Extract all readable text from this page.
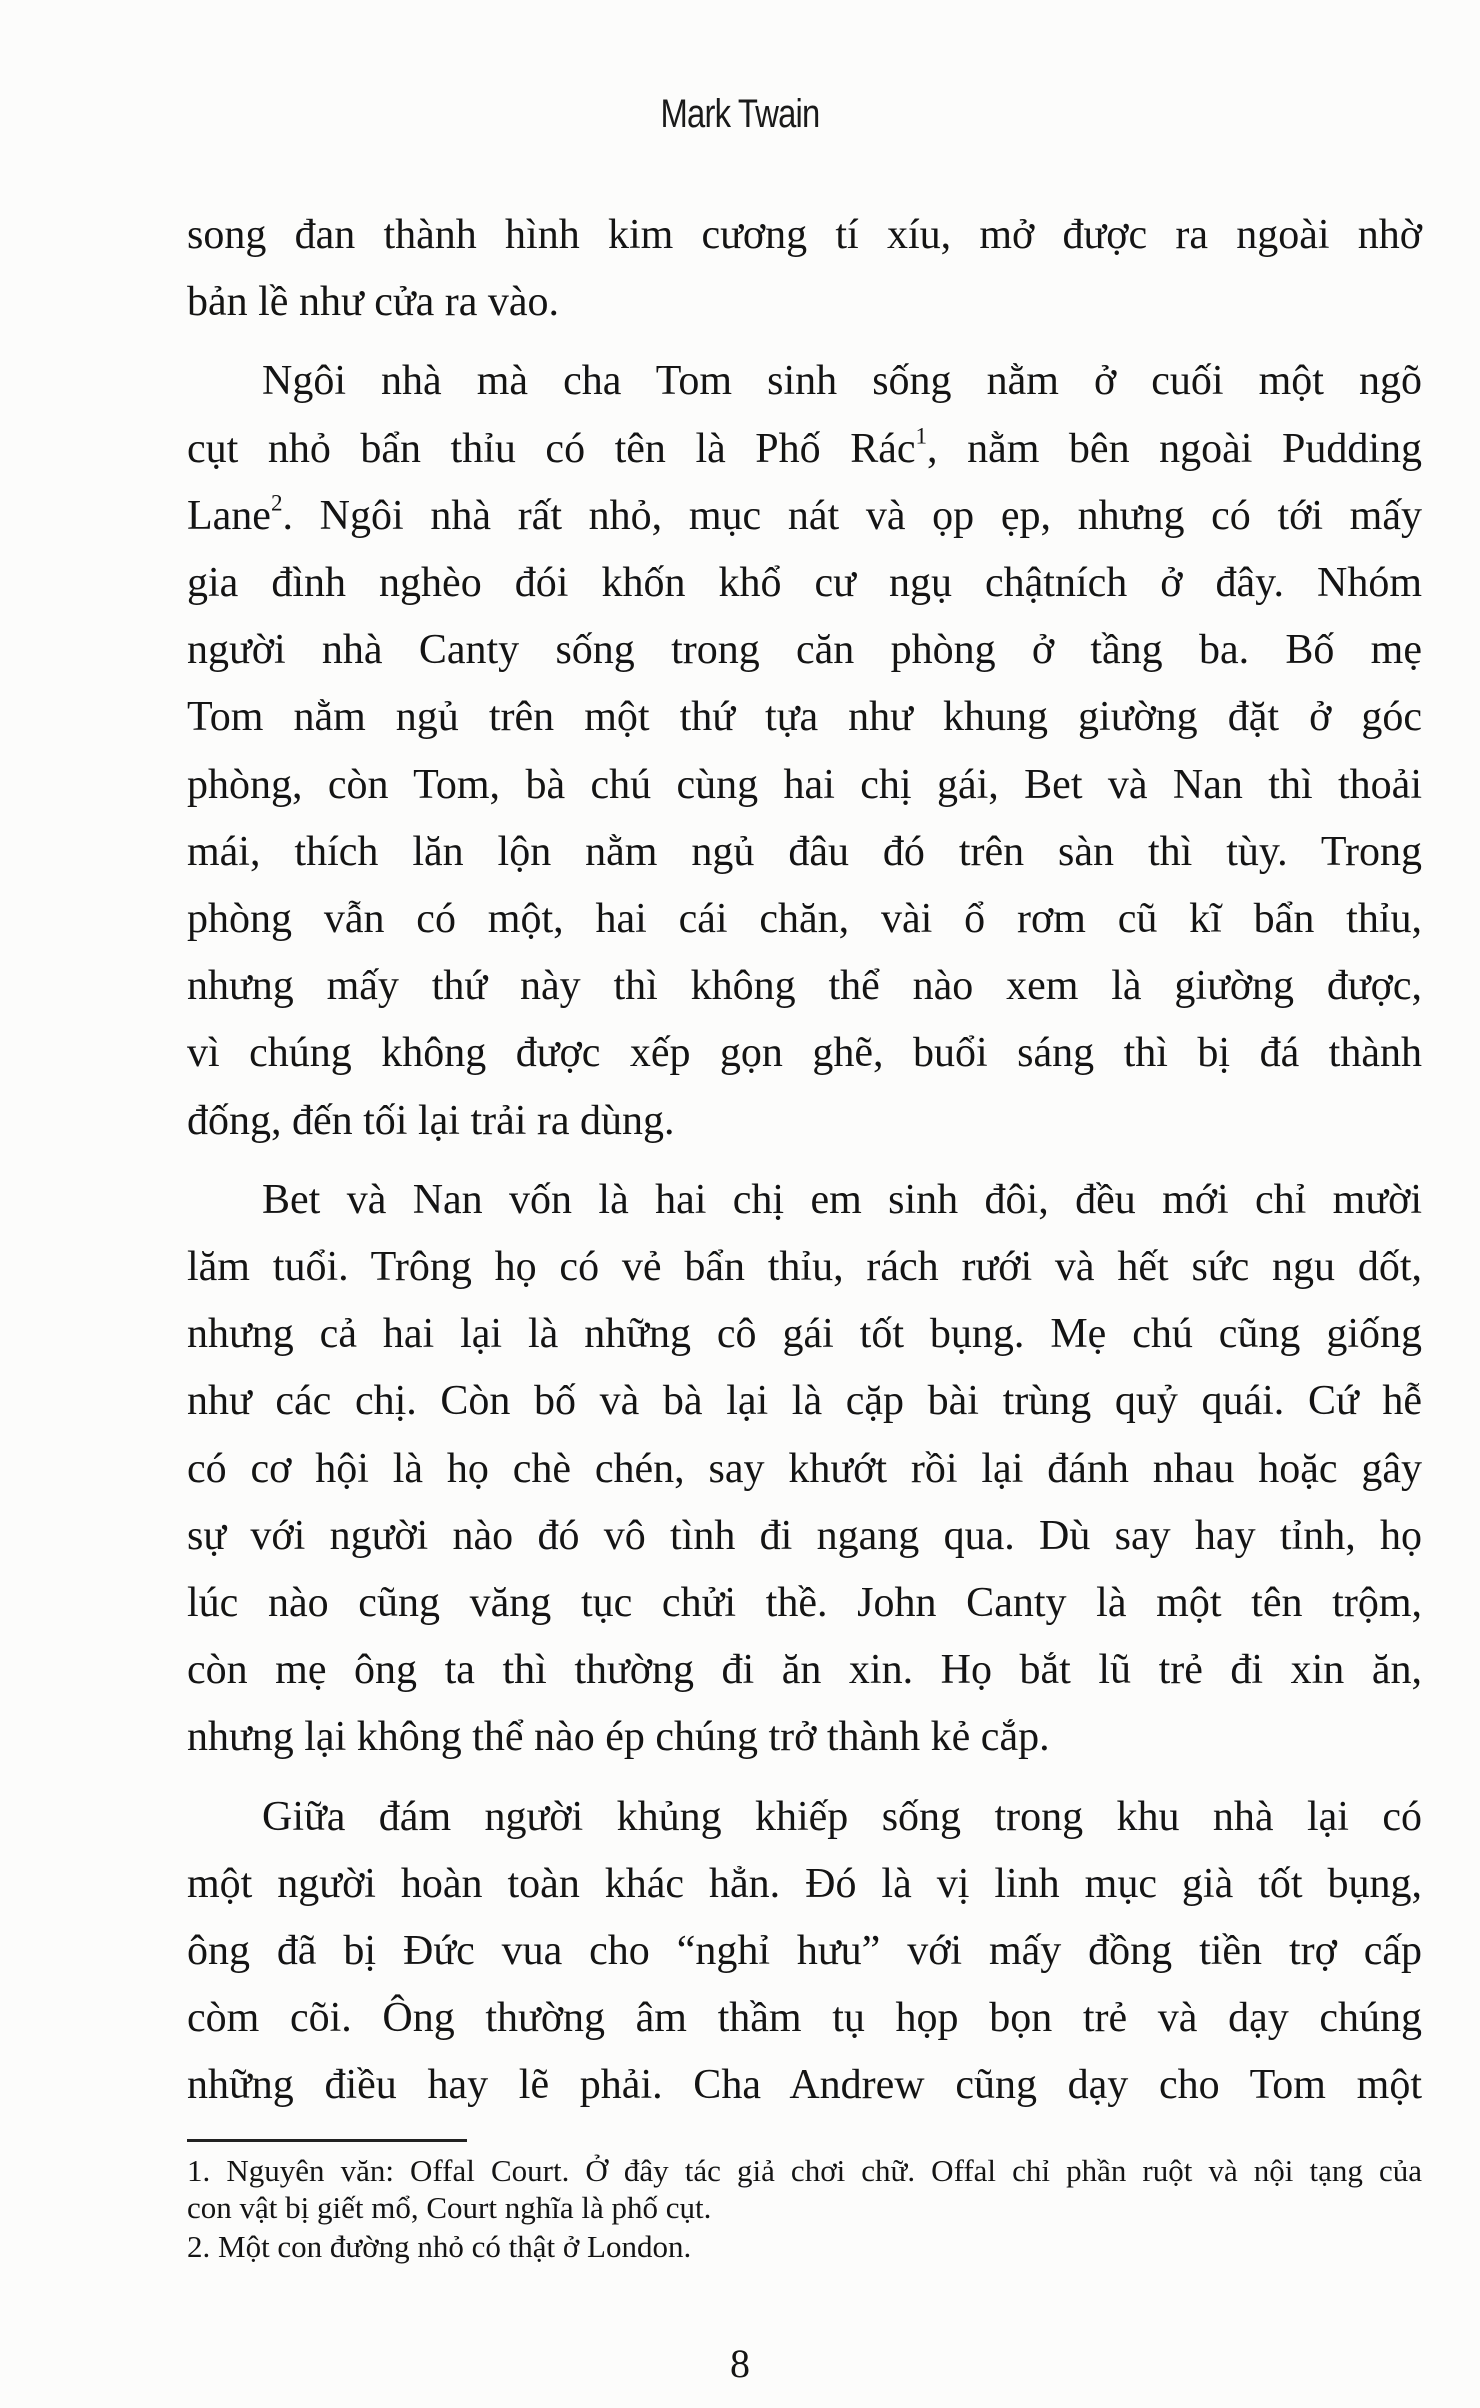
Mark Twain
song đan thành hình kim cương tí xíu, mở được ra ngoài nhờ
bản lề như cửa ra vào.
Ngôi nhà mà cha Tom sinh sống nằm ở cuối một ngõ
cụt nhỏ bẩn thỉu có tên là Phố Rác$^1$, nằm bên ngoài Pudding
Lane$^2$. Ngôi nhà rất nhỏ, mục nát và ọp ẹp, nhưng có tới mấy
gia đình nghèo đói khốn khổ cư ngụ chậtních ở đây. Nhóm
người nhà Canty sống trong căn phòng ở tầng ba. Bố mẹ
Tom nằm ngủ trên một thứ tựa như khung giường đặt ở góc
phòng, còn Tom, bà chú cùng hai chị gái, Bet và Nan thì thoải
mái, thích lăn lộn nằm ngủ đâu đó trên sàn thì tùy. Trong
phòng vẫn có một, hai cái chăn, vài ổ rơm cũ kĩ bẩn thỉu,
nhưng mấy thứ này thì không thể nào xem là giường được,
vì chúng không được xếp gọn ghẽ, buổi sáng thì bị đá thành
đống, đến tối lại trải ra dùng.
Bet và Nan vốn là hai chị em sinh đôi, đều mới chỉ mười
lăm tuổi. Trông họ có vẻ bẩn thỉu, rách rưới và hết sức ngu dốt,
nhưng cả hai lại là những cô gái tốt bụng. Mẹ chú cũng giống
như các chị. Còn bố và bà lại là cặp bài trùng quỷ quái. Cứ hễ
có cơ hội là họ chè chén, say khướt rồi lại đánh nhau hoặc gây
sự với người nào đó vô tình đi ngang qua. Dù say hay tỉnh, họ
lúc nào cũng văng tục chửi thề. John Canty là một tên trộm,
còn mẹ ông ta thì thường đi ăn xin. Họ bắt lũ trẻ đi xin ăn,
nhưng lại không thể nào ép chúng trở thành kẻ cắp.
Giữa đám người khủng khiếp sống trong khu nhà lại có
một người hoàn toàn khác hẳn. Đó là vị linh mục già tốt bụng,
ông đã bị Đức vua cho “nghỉ hưu” với mấy đồng tiền trợ cấp
còm cõi. Ông thường âm thầm tụ họp bọn trẻ và dạy chúng
những điều hay lẽ phải. Cha Andrew cũng dạy cho Tom một
1. Nguyên văn: Offal Court. Ở đây tác giả chơi chữ. Offal chỉ phần ruột và nội tạng của
con vật bị giết mổ, Court nghĩa là phố cụt.
2. Một con đường nhỏ có thật ở London.
8
